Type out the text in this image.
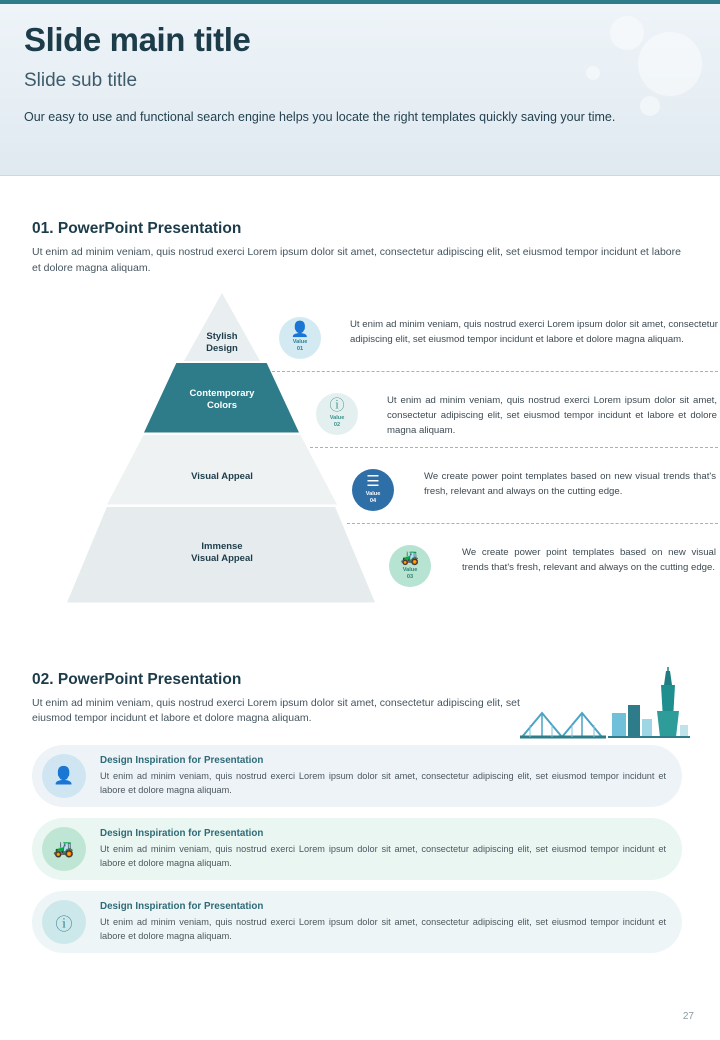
Slide main title
Slide sub title
Our easy to use and functional search engine helps you locate the right templates quickly saving your time.
01. PowerPoint Presentation
Ut enim ad minim veniam, quis nostrud exerci Lorem ipsum dolor sit amet, consectetur adipiscing elit, set eiusmod tempor incidunt et labore et dolore magna aliquam.
Stylish
Design
Contemporary
Colors
Visual Appeal
Immense
Visual Appeal
👤
Value
01
ⓘ
Value
02
☰
Value
04
🚜
Value
03
Ut enim ad minim veniam, quis nostrud exerci Lorem ipsum dolor sit amet, consectetur adipiscing elit, set eiusmod tempor incidunt et labore et dolore magna aliquam.
Ut enim ad minim veniam, quis nostrud exerci Lorem ipsum dolor sit amet, consectetur adipiscing elit, set eiusmod tempor incidunt et labore et dolore magna aliquam.
We create power point templates based on new visual trends that's fresh, relevant and always on the cutting edge.
We create power point templates based on new visual trends that's fresh, relevant and always on the cutting edge.
02. PowerPoint Presentation
Ut enim ad minim veniam, quis nostrud exerci Lorem ipsum dolor sit amet, consectetur adipiscing elit, set eiusmod tempor incidunt et labore et dolore magna aliquam.
👤
Design Inspiration for Presentation

Ut enim ad minim veniam, quis nostrud exerci Lorem ipsum dolor sit amet, consectetur adipiscing elit, set eiusmod tempor incidunt et labore et dolore magna aliquam.

🚜
Design Inspiration for Presentation

Ut enim ad minim veniam, quis nostrud exerci Lorem ipsum dolor sit amet, consectetur adipiscing elit, set eiusmod tempor incidunt et labore et dolore magna aliquam.

ⓘ
Design Inspiration for Presentation

Ut enim ad minim veniam, quis nostrud exerci Lorem ipsum dolor sit amet, consectetur adipiscing elit, set eiusmod tempor incidunt et labore et dolore magna aliquam.

27
